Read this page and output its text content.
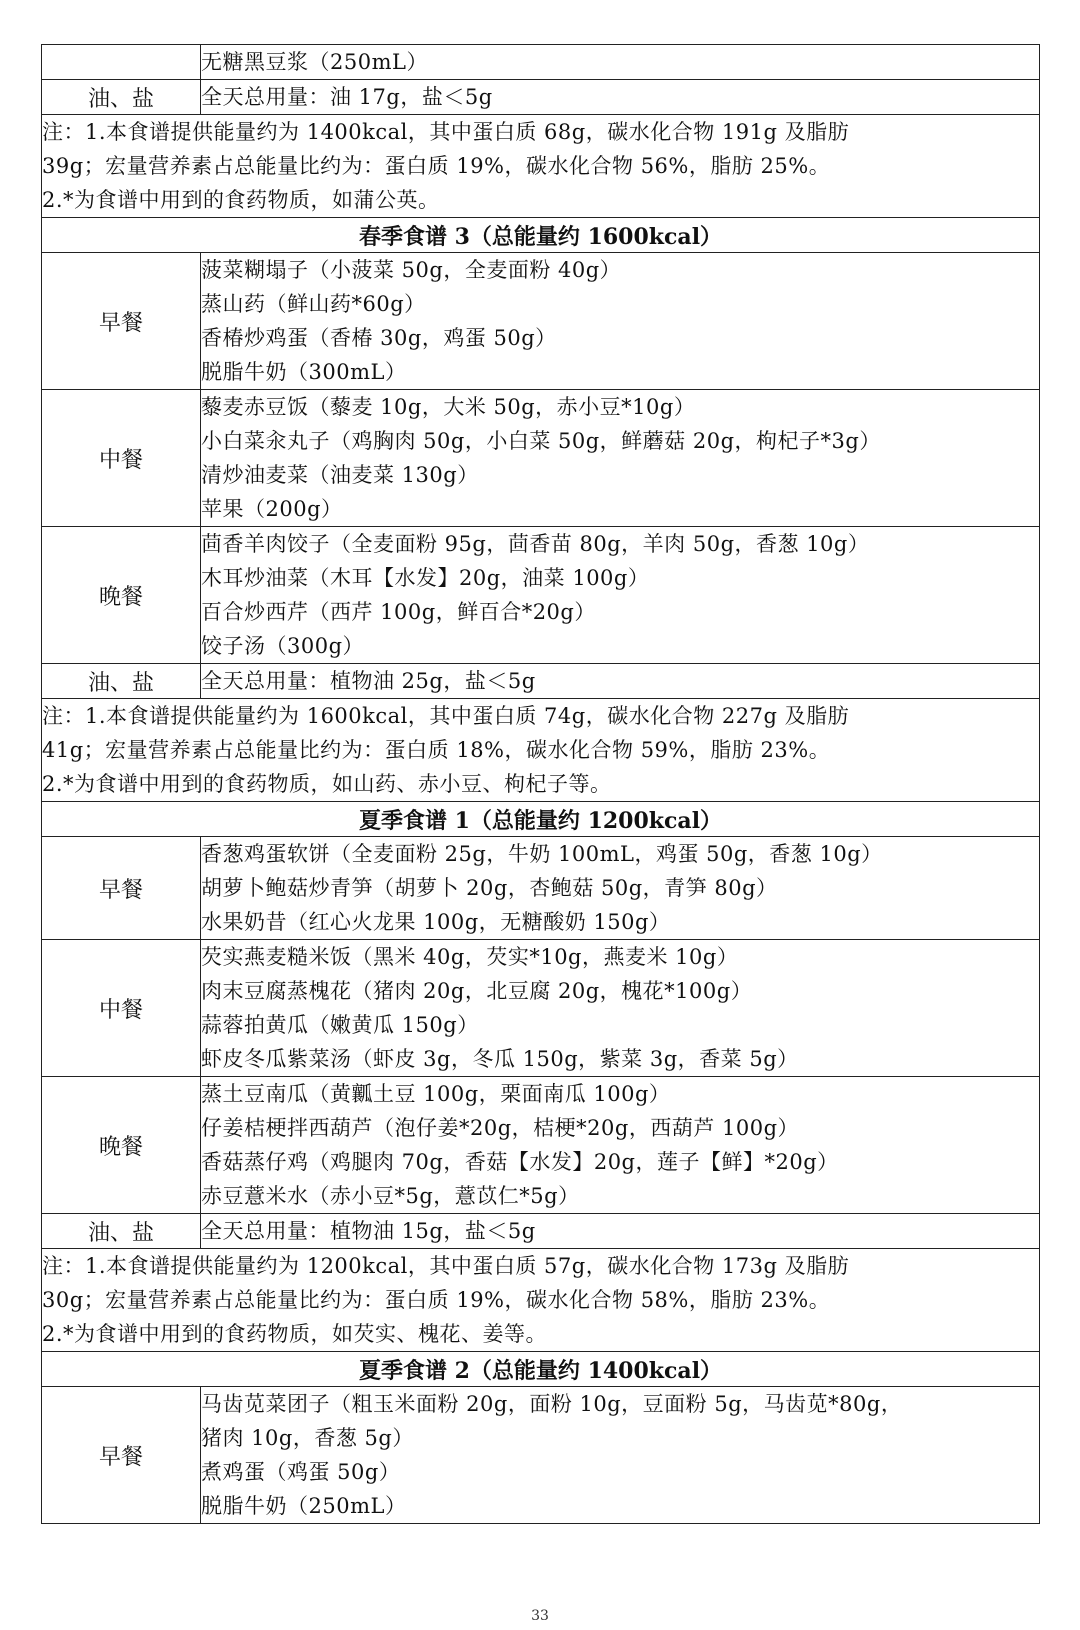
	无糖黑豆浆（250mL）

油、盐	全天总用量：油 17g，盐＜5g

注：1.本食谱提供能量约为 1400kcal，其中蛋白质 68g，碳水化合物 191g 及脂肪
39g；宏量营养素占总能量比约为：蛋白质 19%，碳水化合物 56%，脂肪 25%。
2.*为食谱中用到的食药物质，如蒲公英。	

春季食谱 3（总能量约 1600kcal）	
早餐	菠菜糊塌子（小菠菜 50g，全麦面粉 40g）
蒸山药（鲜山药*60g）
香椿炒鸡蛋（香椿 30g，鸡蛋 50g）
脱脂牛奶（300mL）

中餐	藜麦赤豆饭（藜麦 10g，大米 50g，赤小豆*10g）
小白菜汆丸子（鸡胸肉 50g，小白菜 50g，鲜蘑菇 20g，枸杞子*3g）
清炒油麦菜（油麦菜 130g）
苹果（200g）

晚餐	茴香羊肉饺子（全麦面粉 95g，茴香苗 80g，羊肉 50g，香葱 10g）
木耳炒油菜（木耳【水发】20g，油菜 100g）
百合炒西芹（西芹 100g，鲜百合*20g）
饺子汤（300g）

油、盐	全天总用量：植物油 25g，盐＜5g

注：1.本食谱提供能量约为 1600kcal，其中蛋白质 74g，碳水化合物 227g 及脂肪
41g；宏量营养素占总能量比约为：蛋白质 18%，碳水化合物 59%，脂肪 23%。
2.*为食谱中用到的食药物质，如山药、赤小豆、枸杞子等。	

夏季食谱 1（总能量约 1200kcal）	
早餐	香葱鸡蛋软饼（全麦面粉 25g，牛奶 100mL，鸡蛋 50g，香葱 10g）
胡萝卜鲍菇炒青笋（胡萝卜 20g，杏鲍菇 50g，青笋 80g）
水果奶昔（红心火龙果 100g，无糖酸奶 150g）

中餐	芡实燕麦糙米饭（黑米 40g，芡实*10g，燕麦米 10g）
肉末豆腐蒸槐花（猪肉 20g，北豆腐 20g，槐花*100g）
蒜蓉拍黄瓜（嫩黄瓜 150g）
虾皮冬瓜紫菜汤（虾皮 3g，冬瓜 150g，紫菜 3g，香菜 5g）

晚餐	蒸土豆南瓜（黄瓤土豆 100g，栗面南瓜 100g）
仔姜桔梗拌西葫芦（泡仔姜*20g，桔梗*20g，西葫芦 100g）
香菇蒸仔鸡（鸡腿肉 70g，香菇【水发】20g，莲子【鲜】*20g）
赤豆薏米水（赤小豆*5g，薏苡仁*5g）

油、盐	全天总用量：植物油 15g，盐＜5g

注：1.本食谱提供能量约为 1200kcal，其中蛋白质 57g，碳水化合物 173g 及脂肪
30g；宏量营养素占总能量比约为：蛋白质 19%，碳水化合物 58%，脂肪 23%。
2.*为食谱中用到的食药物质，如芡实、槐花、姜等。	

夏季食谱 2（总能量约 1400kcal）	
早餐	马齿苋菜团子（粗玉米面粉 20g，面粉 10g，豆面粉 5g，马齿苋*80g，
猪肉 10g，香葱 5g）
煮鸡蛋（鸡蛋 50g）
脱脂牛奶（250mL）
33
